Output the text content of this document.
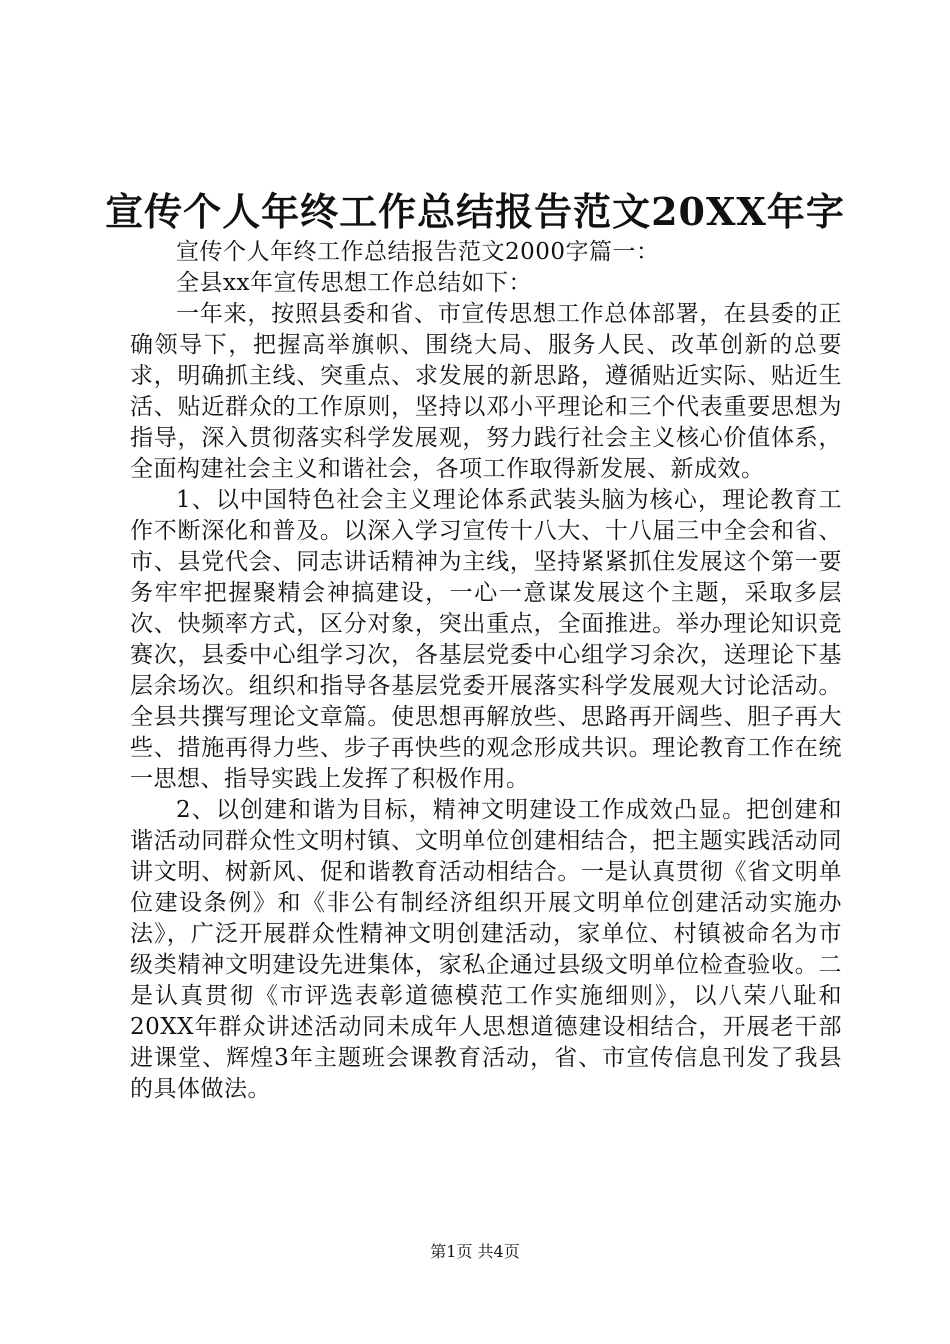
宣传个人年终工作总结报告范文20XX年字

宣传个人年终工作总结报告范文2000字篇一：

全县xx年宣传思想工作总结如下：

一年来，按照县委和省、市宣传思想工作总体部署，在县委的正确领导下，把握高举旗帜、围绕大局、服务人民、改革创新的总要求，明确抓主线、突重点、求发展的新思路，遵循贴近实际、贴近生活、贴近群众的工作原则，坚持以邓小平理论和三个代表重要思想为指导，深入贯彻落实科学发展观，努力践行社会主义核心价值体系，全面构建社会主义和谐社会，各项工作取得新发展、新成效。

1、以中国特色社会主义理论体系武装头脑为核心，理论教育工作不断深化和普及。以深入学习宣传十八大、十八届三中全会和省、市、县党代会、同志讲话精神为主线，坚持紧紧抓住发展这个第一要务牢牢把握聚精会神搞建设，一心一意谋发展这个主题，采取多层次、快频率方式，区分对象，突出重点，全面推进。举办理论知识竞赛次，县委中心组学习次，各基层党委中心组学习余次，送理论下基层余场次。组织和指导各基层党委开展落实科学发展观大讨论活动。全县共撰写理论文章篇。使思想再解放些、思路再开阔些、胆子再大些、措施再得力些、步子再快些的观念形成共识。理论教育工作在统一思想、指导实践上发挥了积极作用。

2、以创建和谐为目标，精神文明建设工作成效凸显。把创建和谐活动同群众性文明村镇、文明单位创建相结合，把主题实践活动同讲文明、树新风、促和谐教育活动相结合。一是认真贯彻《省文明单位建设条例》和《非公有制经济组织开展文明单位创建活动实施办法》，广泛开展群众性精神文明创建活动，家单位、村镇被命名为市级类精神文明建设先进集体，家私企通过县级文明单位检查验收。二是认真贯彻《市评选表彰道德模范工作实施细则》，以八荣八耻和20XX年群众讲述活动同未成年人思想道德建设相结合，开展老干部进课堂、辉煌3年主题班会课教育活动，省、市宣传信息刊发了我县的具体做法。

第1页 共4页
